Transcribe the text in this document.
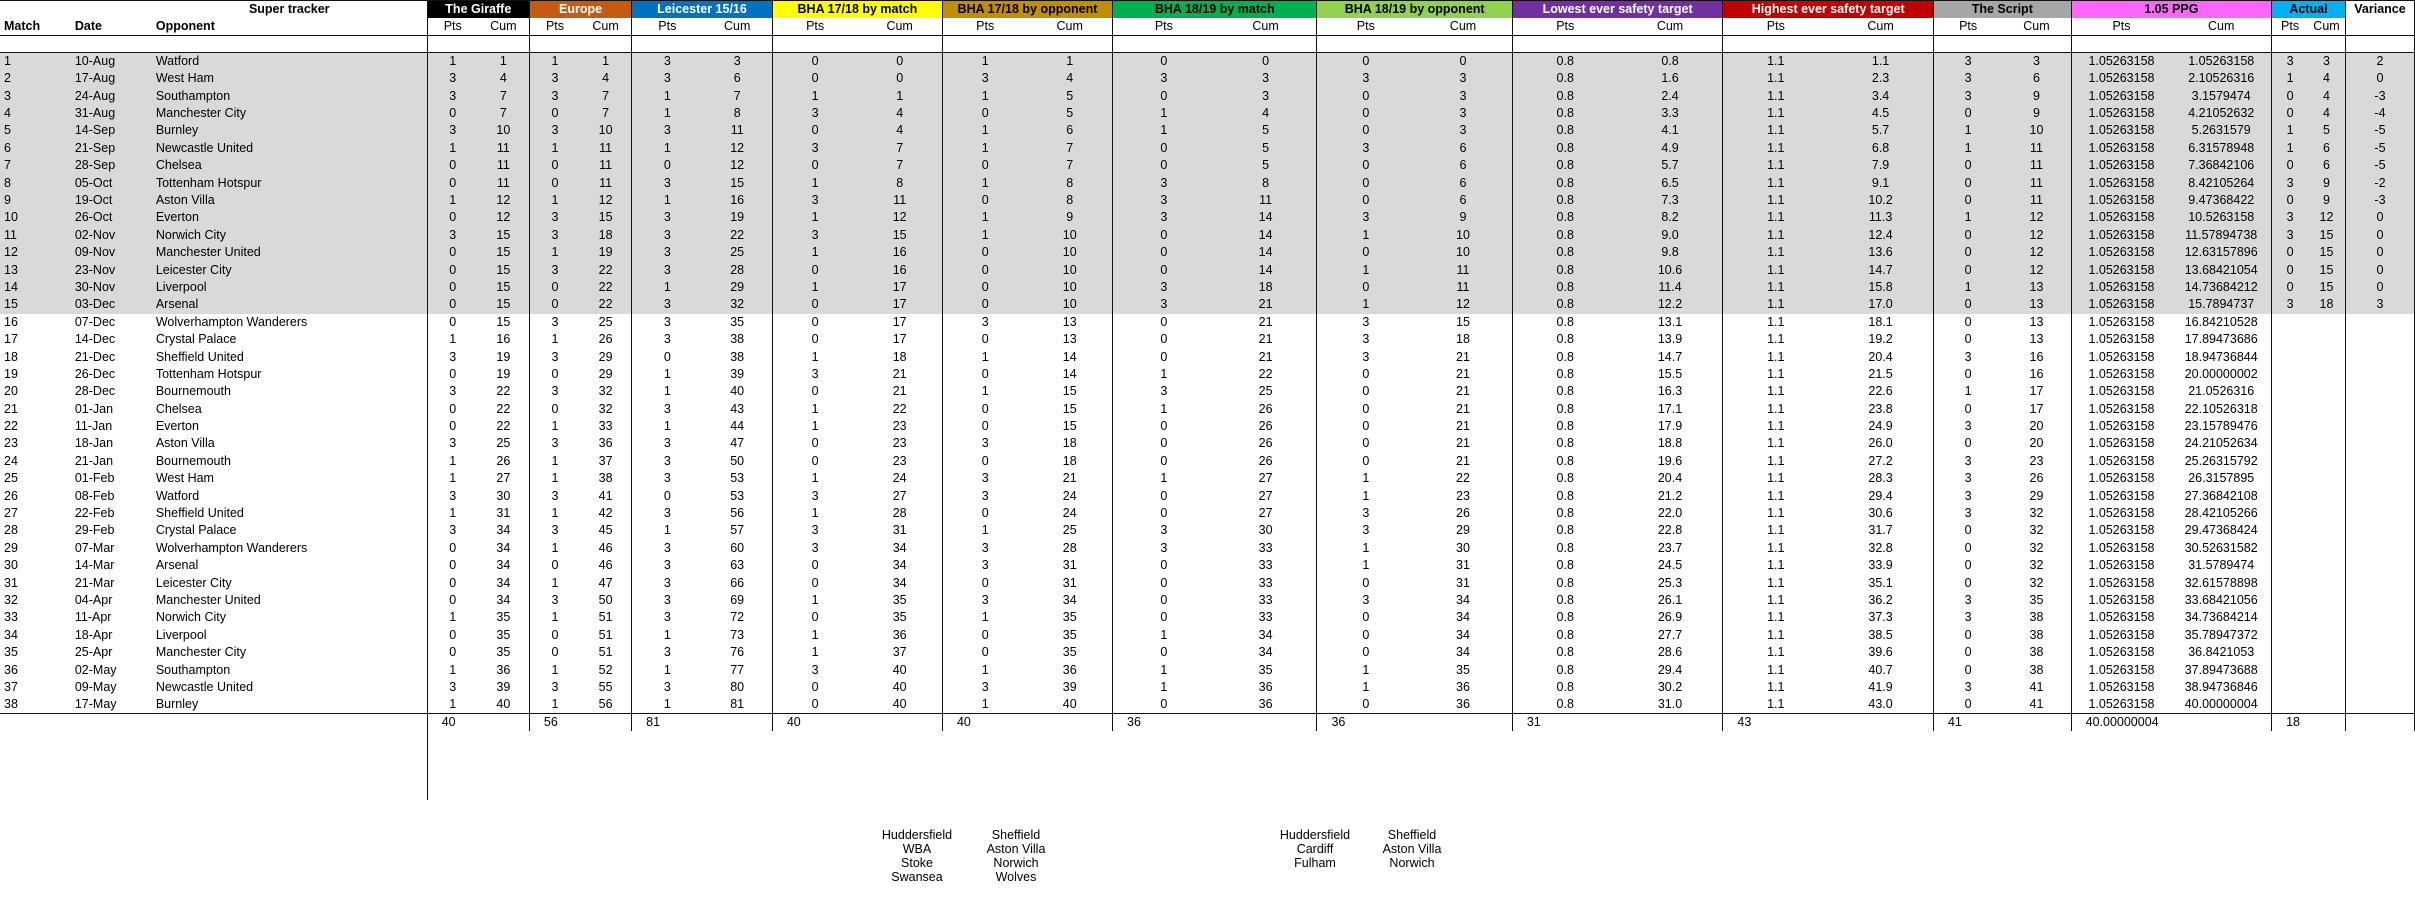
		Super tracker	The Giraffe		Europe		Leicester 15/16		BHA 17/18 by match		BHA 17/18 by opponent		BHA 18/19 by match		BHA 18/19 by opponent		Lowest ever safety target		Highest ever safety target		The Script		1.05 PPG		Actual		Variance
Match	Date	Opponent	Pts	Cum	Pts	Cum	Pts	Cum	Pts	Cum	Pts	Cum	Pts	Cum	Pts	Cum	Pts	Cum	Pts	Cum	Pts	Cum	Pts	Cum	Pts	Cum	

1	10-Aug	Watford	1	1	1	1	3	3	0	0	1	1	0	0	0	0	0.8	0.8	1.1	1.1	3	3	1.05263158	1.05263158	3	3	2
2	17-Aug	West Ham	3	4	3	4	3	6	0	0	3	4	3	3	3	3	0.8	1.6	1.1	2.3	3	6	1.05263158	2.10526316	1	4	0
3	24-Aug	Southampton	3	7	3	7	1	7	1	1	1	5	0	3	0	3	0.8	2.4	1.1	3.4	3	9	1.05263158	3.1579474	0	4	-3
4	31-Aug	Manchester City	0	7	0	7	1	8	3	4	0	5	1	4	0	3	0.8	3.3	1.1	4.5	0	9	1.05263158	4.21052632	0	4	-4
5	14-Sep	Burnley	3	10	3	10	3	11	0	4	1	6	1	5	0	3	0.8	4.1	1.1	5.7	1	10	1.05263158	5.2631579	1	5	-5
6	21-Sep	Newcastle United	1	11	1	11	1	12	3	7	1	7	0	5	3	6	0.8	4.9	1.1	6.8	1	11	1.05263158	6.31578948	1	6	-5
7	28-Sep	Chelsea	0	11	0	11	0	12	0	7	0	7	0	5	0	6	0.8	5.7	1.1	7.9	0	11	1.05263158	7.36842106	0	6	-5
8	05-Oct	Tottenham Hotspur	0	11	0	11	3	15	1	8	1	8	3	8	0	6	0.8	6.5	1.1	9.1	0	11	1.05263158	8.42105264	3	9	-2
9	19-Oct	Aston Villa	1	12	1	12	1	16	3	11	0	8	3	11	0	6	0.8	7.3	1.1	10.2	0	11	1.05263158	9.47368422	0	9	-3
10	26-Oct	Everton	0	12	3	15	3	19	1	12	1	9	3	14	3	9	0.8	8.2	1.1	11.3	1	12	1.05263158	10.5263158	3	12	0
11	02-Nov	Norwich City	3	15	3	18	3	22	3	15	1	10	0	14	1	10	0.8	9.0	1.1	12.4	0	12	1.05263158	11.57894738	3	15	0
12	09-Nov	Manchester United	0	15	1	19	3	25	1	16	0	10	0	14	0	10	0.8	9.8	1.1	13.6	0	12	1.05263158	12.63157896	0	15	0
13	23-Nov	Leicester City	0	15	3	22	3	28	0	16	0	10	0	14	1	11	0.8	10.6	1.1	14.7	0	12	1.05263158	13.68421054	0	15	0
14	30-Nov	Liverpool	0	15	0	22	1	29	1	17	0	10	3	18	0	11	0.8	11.4	1.1	15.8	1	13	1.05263158	14.73684212	0	15	0
15	03-Dec	Arsenal	0	15	0	22	3	32	0	17	0	10	3	21	1	12	0.8	12.2	1.1	17.0	0	13	1.05263158	15.7894737	3	18	3
16	07-Dec	Wolverhampton Wanderers	0	15	3	25	3	35	0	17	3	13	0	21	3	15	0.8	13.1	1.1	18.1	0	13	1.05263158	16.84210528			
17	14-Dec	Crystal Palace	1	16	1	26	3	38	0	17	0	13	0	21	3	18	0.8	13.9	1.1	19.2	0	13	1.05263158	17.89473686			
18	21-Dec	Sheffield United	3	19	3	29	0	38	1	18	1	14	0	21	3	21	0.8	14.7	1.1	20.4	3	16	1.05263158	18.94736844			
19	26-Dec	Tottenham Hotspur	0	19	0	29	1	39	3	21	0	14	1	22	0	21	0.8	15.5	1.1	21.5	0	16	1.05263158	20.00000002			
20	28-Dec	Bournemouth	3	22	3	32	1	40	0	21	1	15	3	25	0	21	0.8	16.3	1.1	22.6	1	17	1.05263158	21.0526316			
21	01-Jan	Chelsea	0	22	0	32	3	43	1	22	0	15	1	26	0	21	0.8	17.1	1.1	23.8	0	17	1.05263158	22.10526318			
22	11-Jan	Everton	0	22	1	33	1	44	1	23	0	15	0	26	0	21	0.8	17.9	1.1	24.9	3	20	1.05263158	23.15789476			
23	18-Jan	Aston Villa	3	25	3	36	3	47	0	23	3	18	0	26	0	21	0.8	18.8	1.1	26.0	0	20	1.05263158	24.21052634			
24	21-Jan	Bournemouth	1	26	1	37	3	50	0	23	0	18	0	26	0	21	0.8	19.6	1.1	27.2	3	23	1.05263158	25.26315792			
25	01-Feb	West Ham	1	27	1	38	3	53	1	24	3	21	1	27	1	22	0.8	20.4	1.1	28.3	3	26	1.05263158	26.3157895			
26	08-Feb	Watford	3	30	3	41	0	53	3	27	3	24	0	27	1	23	0.8	21.2	1.1	29.4	3	29	1.05263158	27.36842108			
27	22-Feb	Sheffield United	1	31	1	42	3	56	1	28	0	24	0	27	3	26	0.8	22.0	1.1	30.6	3	32	1.05263158	28.42105266			
28	29-Feb	Crystal Palace	3	34	3	45	1	57	3	31	1	25	3	30	3	29	0.8	22.8	1.1	31.7	0	32	1.05263158	29.47368424			
29	07-Mar	Wolverhampton Wanderers	0	34	1	46	3	60	3	34	3	28	3	33	1	30	0.8	23.7	1.1	32.8	0	32	1.05263158	30.52631582			
30	14-Mar	Arsenal	0	34	0	46	3	63	0	34	3	31	0	33	1	31	0.8	24.5	1.1	33.9	0	32	1.05263158	31.5789474			
31	21-Mar	Leicester City	0	34	1	47	3	66	0	34	0	31	0	33	0	31	0.8	25.3	1.1	35.1	0	32	1.05263158	32.61578898			
32	04-Apr	Manchester United	0	34	3	50	3	69	1	35	3	34	0	33	3	34	0.8	26.1	1.1	36.2	3	35	1.05263158	33.68421056			
33	11-Apr	Norwich City	1	35	1	51	3	72	0	35	1	35	0	33	0	34	0.8	26.9	1.1	37.3	3	38	1.05263158	34.73684214			
34	18-Apr	Liverpool	0	35	0	51	1	73	1	36	0	35	1	34	0	34	0.8	27.7	1.1	38.5	0	38	1.05263158	35.78947372			
35	25-Apr	Manchester City	0	35	0	51	3	76	1	37	0	35	0	34	0	34	0.8	28.6	1.1	39.6	0	38	1.05263158	36.8421053			
36	02-May	Southampton	1	36	1	52	1	77	3	40	1	36	1	35	1	35	0.8	29.4	1.1	40.7	0	38	1.05263158	37.89473688			
37	09-May	Newcastle United	3	39	3	55	3	80	0	40	3	39	1	36	1	36	0.8	30.2	1.1	41.9	3	41	1.05263158	38.94736846			
38	17-May	Burnley	1	40	1	56	1	81	0	40	1	40	0	36	0	36	0.8	31.0	1.1	43.0	0	41	1.05263158	40.00000004			
			40		56		81		40		40		36		36		31		43		41		40.00000004		18		

Huddersfield
WBA
Stoke
Swansea
Sheffield
Aston Villa
Norwich
Wolves
Huddersfield
Cardiff
Fulham
Sheffield
Aston Villa
Norwich
